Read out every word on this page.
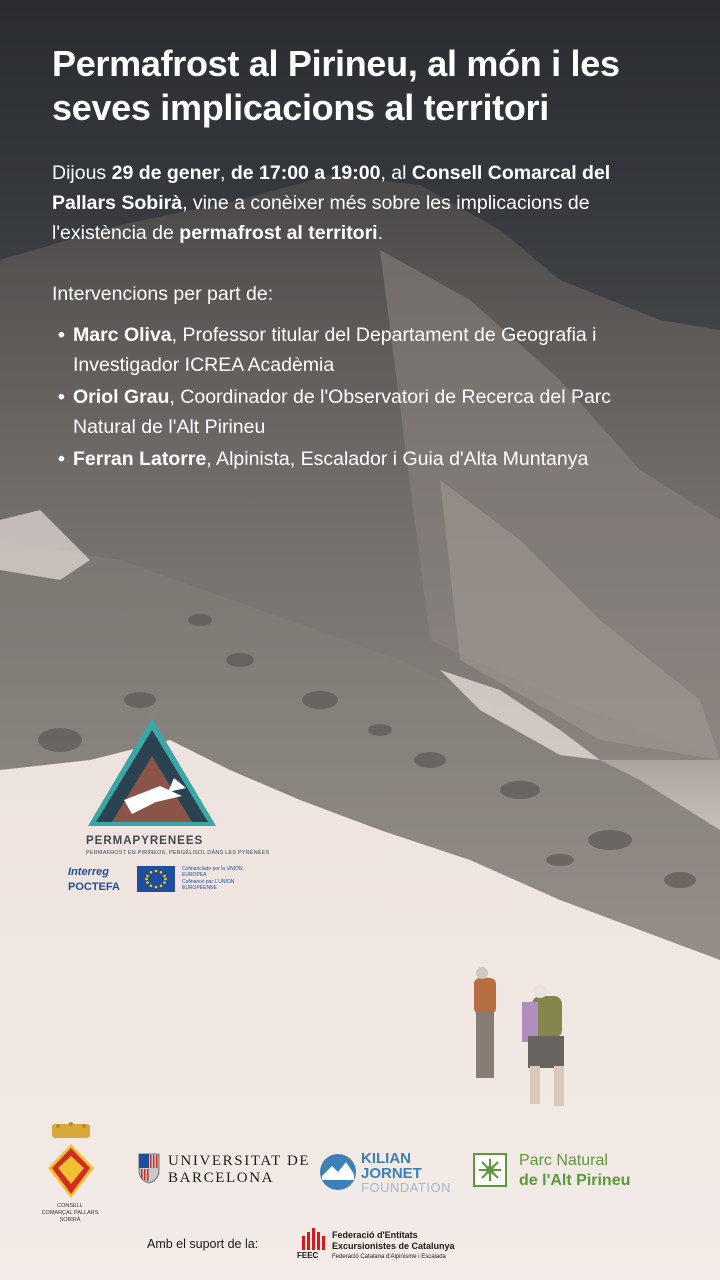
Permafrost al Pirineu, al món i les seves implicacions al territori
Dijous 29 de gener, de 17:00 a 19:00, al Consell Comarcal del Pallars Sobirà, vine a conèixer més sobre les implicacions de l'existència de permafrost al territori.
Intervencions per part de:
• Marc Oliva, Professor titular del Departament de Geografia i Investigador ICREA Acadèmia
• Oriol Grau, Coordinador de l'Observatori de Recerca del Parc Natural de l'Alt Pirineu
• Ferran Latorre, Alpinista, Escalador i Guia d'Alta Muntanya
PERMAPYRENEES
PERMAFROST EN PIRINEOS, PERGÉLISOL DANS LES PYRÉNÉES
Interreg
POCTEFA
Cofinanciado por la UNIÓN EUROPEA
Cofinancé par L'UNION EUROPÉENNE
CONSELL COMARCAL PALLARS SOBIRÀ
UNIVERSITAT DE
BARCELONA
KILIAN
JORNET
FOUNDATION
Parc Natural
de l'Alt Pirineu
Amb el suport de la:
FEEC
Federació d'Entitats
Excursionistes de Catalunya
Federació Catalana d'Alpinisme i Escalada
